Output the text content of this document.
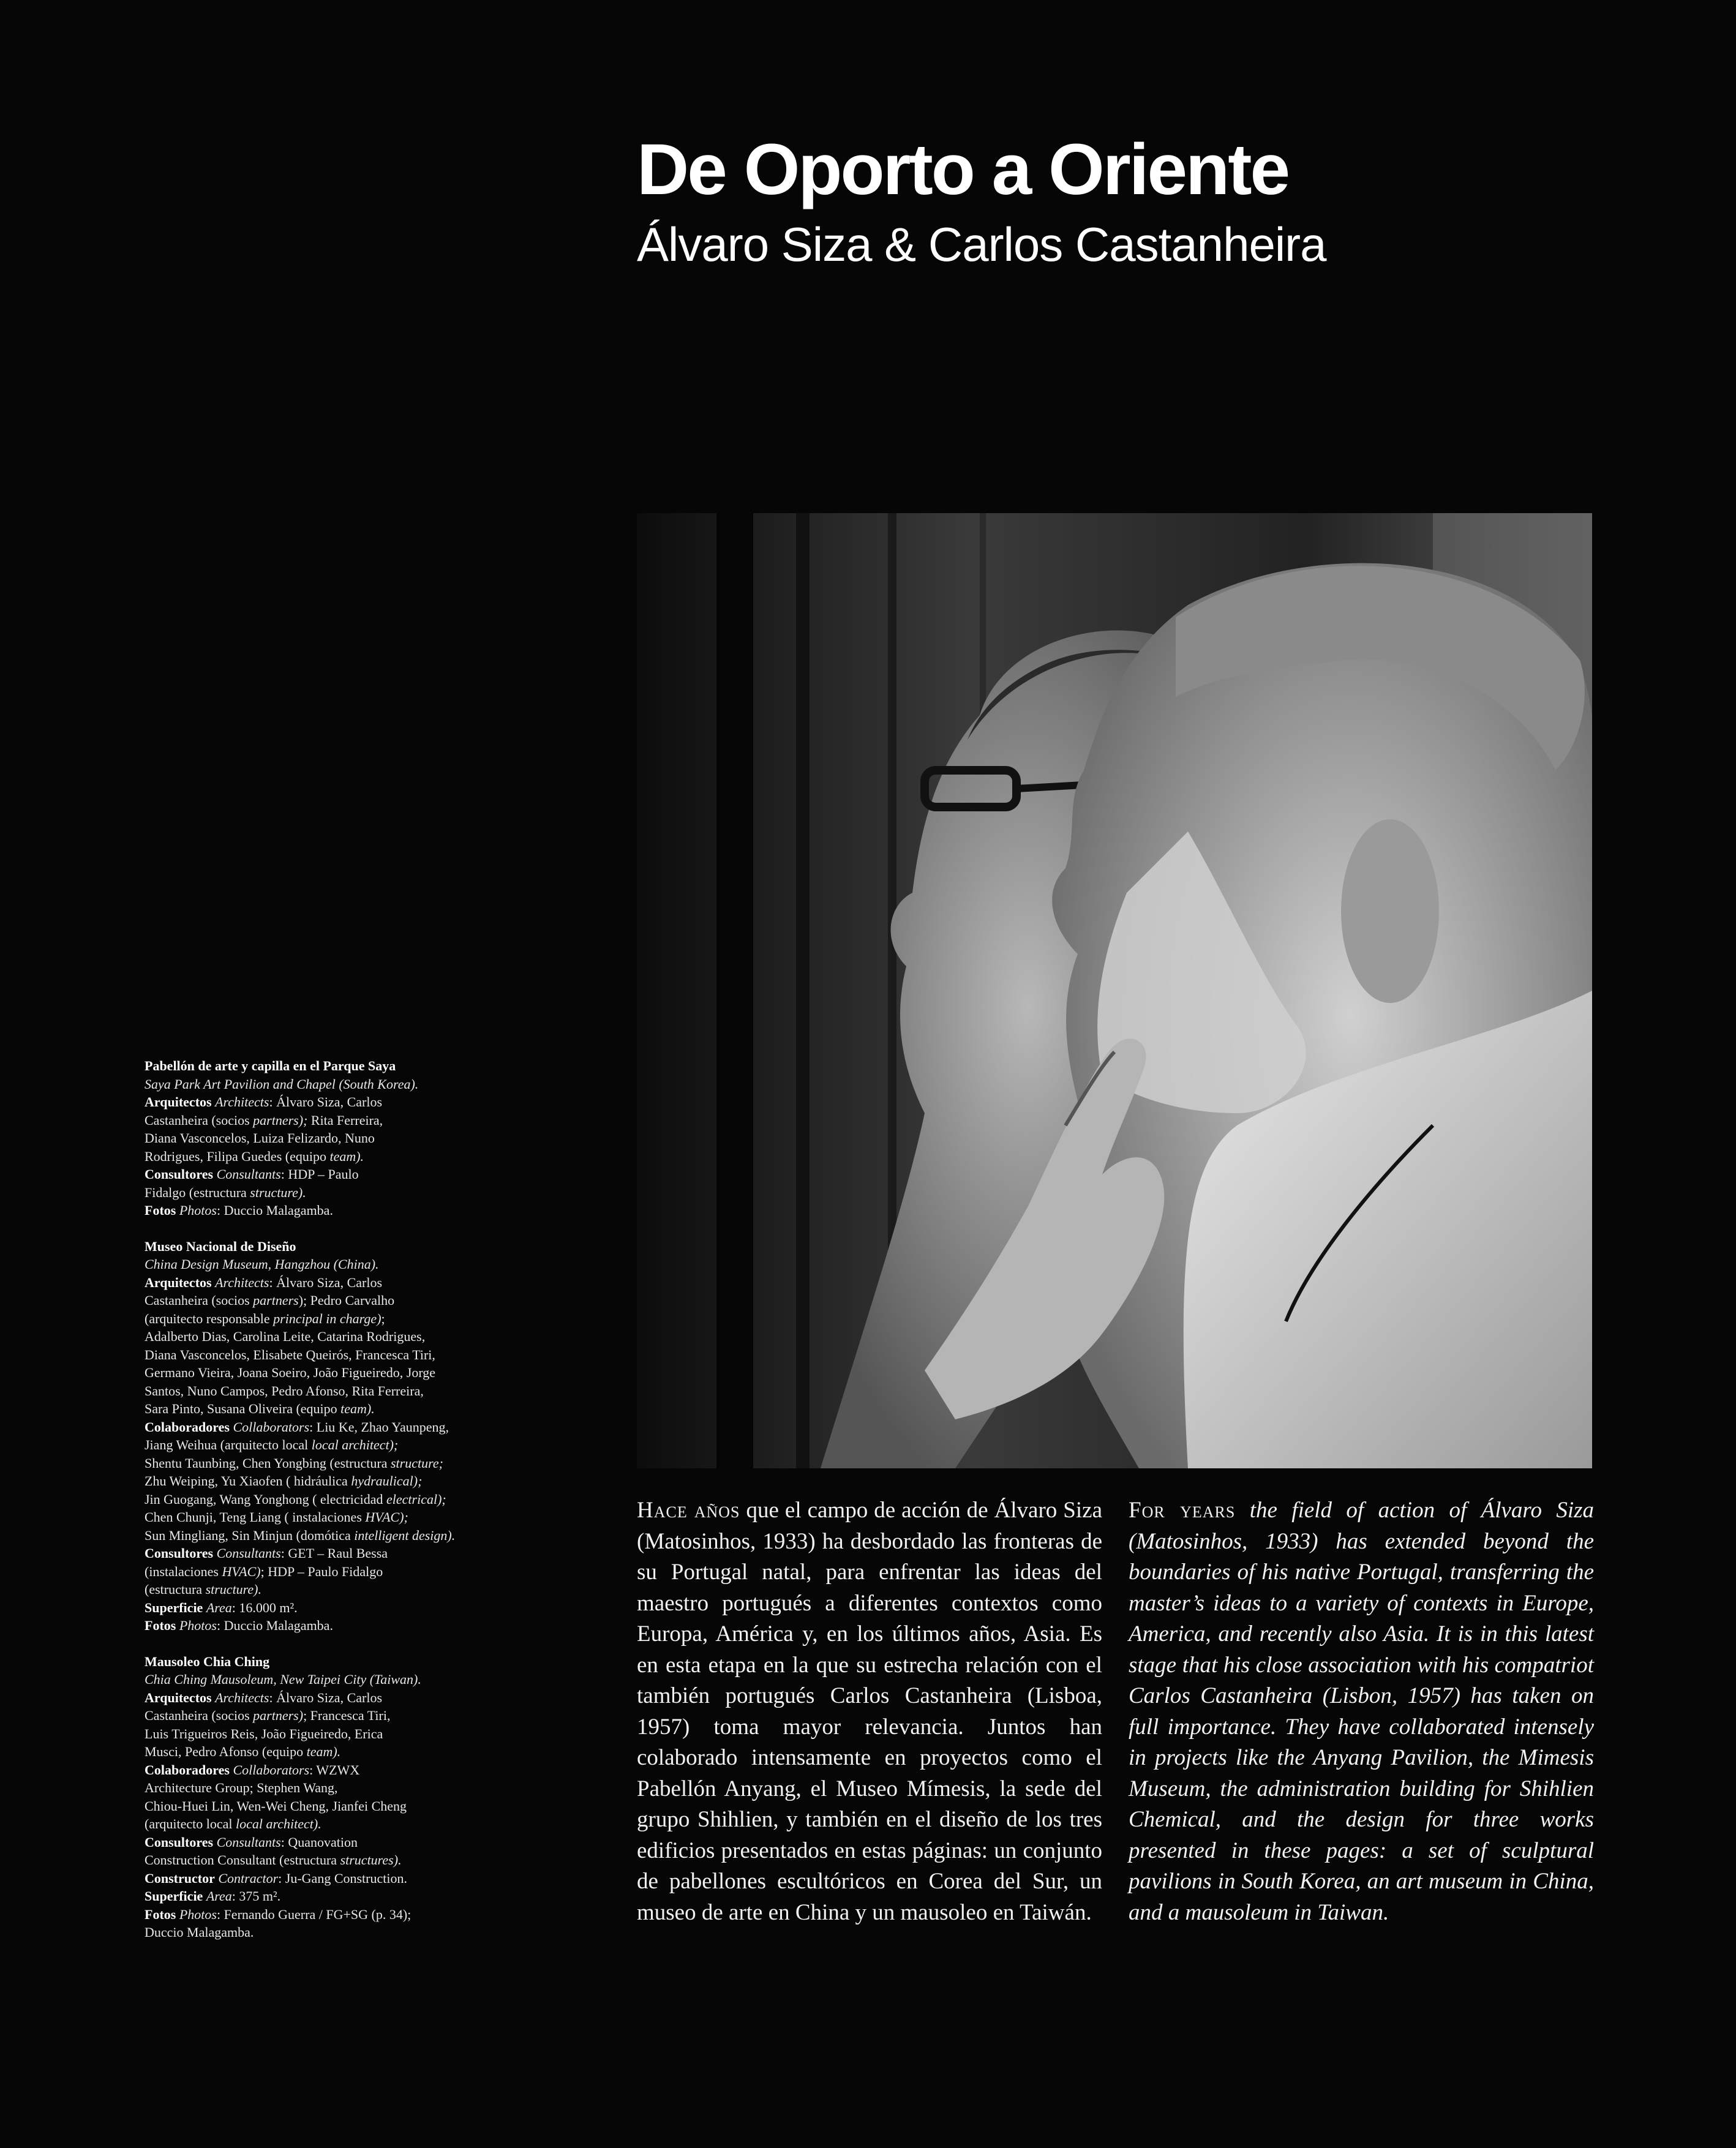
De Oporto a Oriente
Álvaro Siza & Carlos Castanheira
Pabellón de arte y capilla en el Parque Saya
Saya Park Art Pavilion and Chapel (South Korea).
Arquitectos Architects: Álvaro Siza, Carlos
Castanheira (socios partners); Rita Ferreira,
Diana Vasconcelos, Luiza Felizardo, Nuno
Rodrigues, Filipa Guedes (equipo team).
Consultores Consultants: HDP – Paulo
Fidalgo (estructura structure).
Fotos Photos: Duccio Malagamba.
Museo Nacional de Diseño
China Design Museum, Hangzhou (China).
Arquitectos Architects: Álvaro Siza, Carlos
Castanheira (socios partners); Pedro Carvalho
(arquitecto responsable principal in charge);
Adalberto Dias, Carolina Leite, Catarina Rodrigues,
Diana Vasconcelos, Elisabete Queirós, Francesca Tiri,
Germano Vieira, Joana Soeiro, João Figueiredo, Jorge
Santos, Nuno Campos, Pedro Afonso, Rita Ferreira,
Sara Pinto, Susana Oliveira (equipo team).
Colaboradores Collaborators: Liu Ke, Zhao Yaunpeng,
Jiang Weihua (arquitecto local local architect);
Shentu Taunbing, Chen Yongbing (estructura structure;
Zhu Weiping, Yu Xiaofen ( hidráulica hydraulical);
Jin Guogang, Wang Yonghong ( electricidad electrical);
Chen Chunji, Teng Liang ( instalaciones HVAC);
Sun Mingliang, Sin Minjun (domótica intelligent design).
Consultores Consultants: GET – Raul Bessa
(instalaciones HVAC); HDP – Paulo Fidalgo
(estructura structure).
Superficie Area: 16.000 m².
Fotos Photos: Duccio Malagamba.
Mausoleo Chia Ching
Chia Ching Mausoleum, New Taipei City (Taiwan).
Arquitectos Architects: Álvaro Siza, Carlos
Castanheira (socios partners); Francesca Tiri,
Luis Trigueiros Reis, João Figueiredo, Erica
Musci, Pedro Afonso (equipo team).
Colaboradores Collaborators: WZWX
Architecture Group; Stephen Wang,
Chiou-Huei Lin, Wen-Wei Cheng, Jianfei Cheng
(arquitecto local local architect).
Consultores Consultants: Quanovation
Construction Consultant (estructura structures).
Constructor Contractor: Ju-Gang Construction.
Superficie Area: 375 m².
Fotos Photos: Fernando Guerra / FG+SG (p. 34);
Duccio Malagamba.
Hace años que el campo de acción de Álvaro Siza (Matosinhos, 1933) ha desbordado las fronteras de su Portugal natal, para enfrentar las ideas del maestro portugués a diferentes contextos como Europa, América y, en los últimos años, Asia. Es en esta etapa en la que su estrecha relación con el también portugués Carlos Castanheira (Lisboa, 1957) toma mayor relevancia. Juntos han colaborado intensamente en proyectos como el Pabellón Anyang, el Museo Mímesis, la sede del grupo Shihlien, y también en el diseño de los tres edificios presentados en estas páginas: un conjunto de pabellones escultóricos en Corea del Sur, un museo de arte en China y un mausoleo en Taiwán.
For years the field of action of Álvaro Siza (Matosinhos, 1933) has extended beyond the boundaries of his native Portugal, transferring the master’s ideas to a variety of contexts in Europe, America, and recently also Asia. It is in this latest stage that his close association with his compatriot Carlos Castanheira (Lisbon, 1957) has taken on full importance. They have collaborated intensely in projects like the Anyang Pavilion, the Mimesis Museum, the administration building for Shihlien Chemical, and the design for three works presented in these pages: a set of sculptural pavilions in South Korea, an art museum in China, and a mausoleum in Taiwan.
